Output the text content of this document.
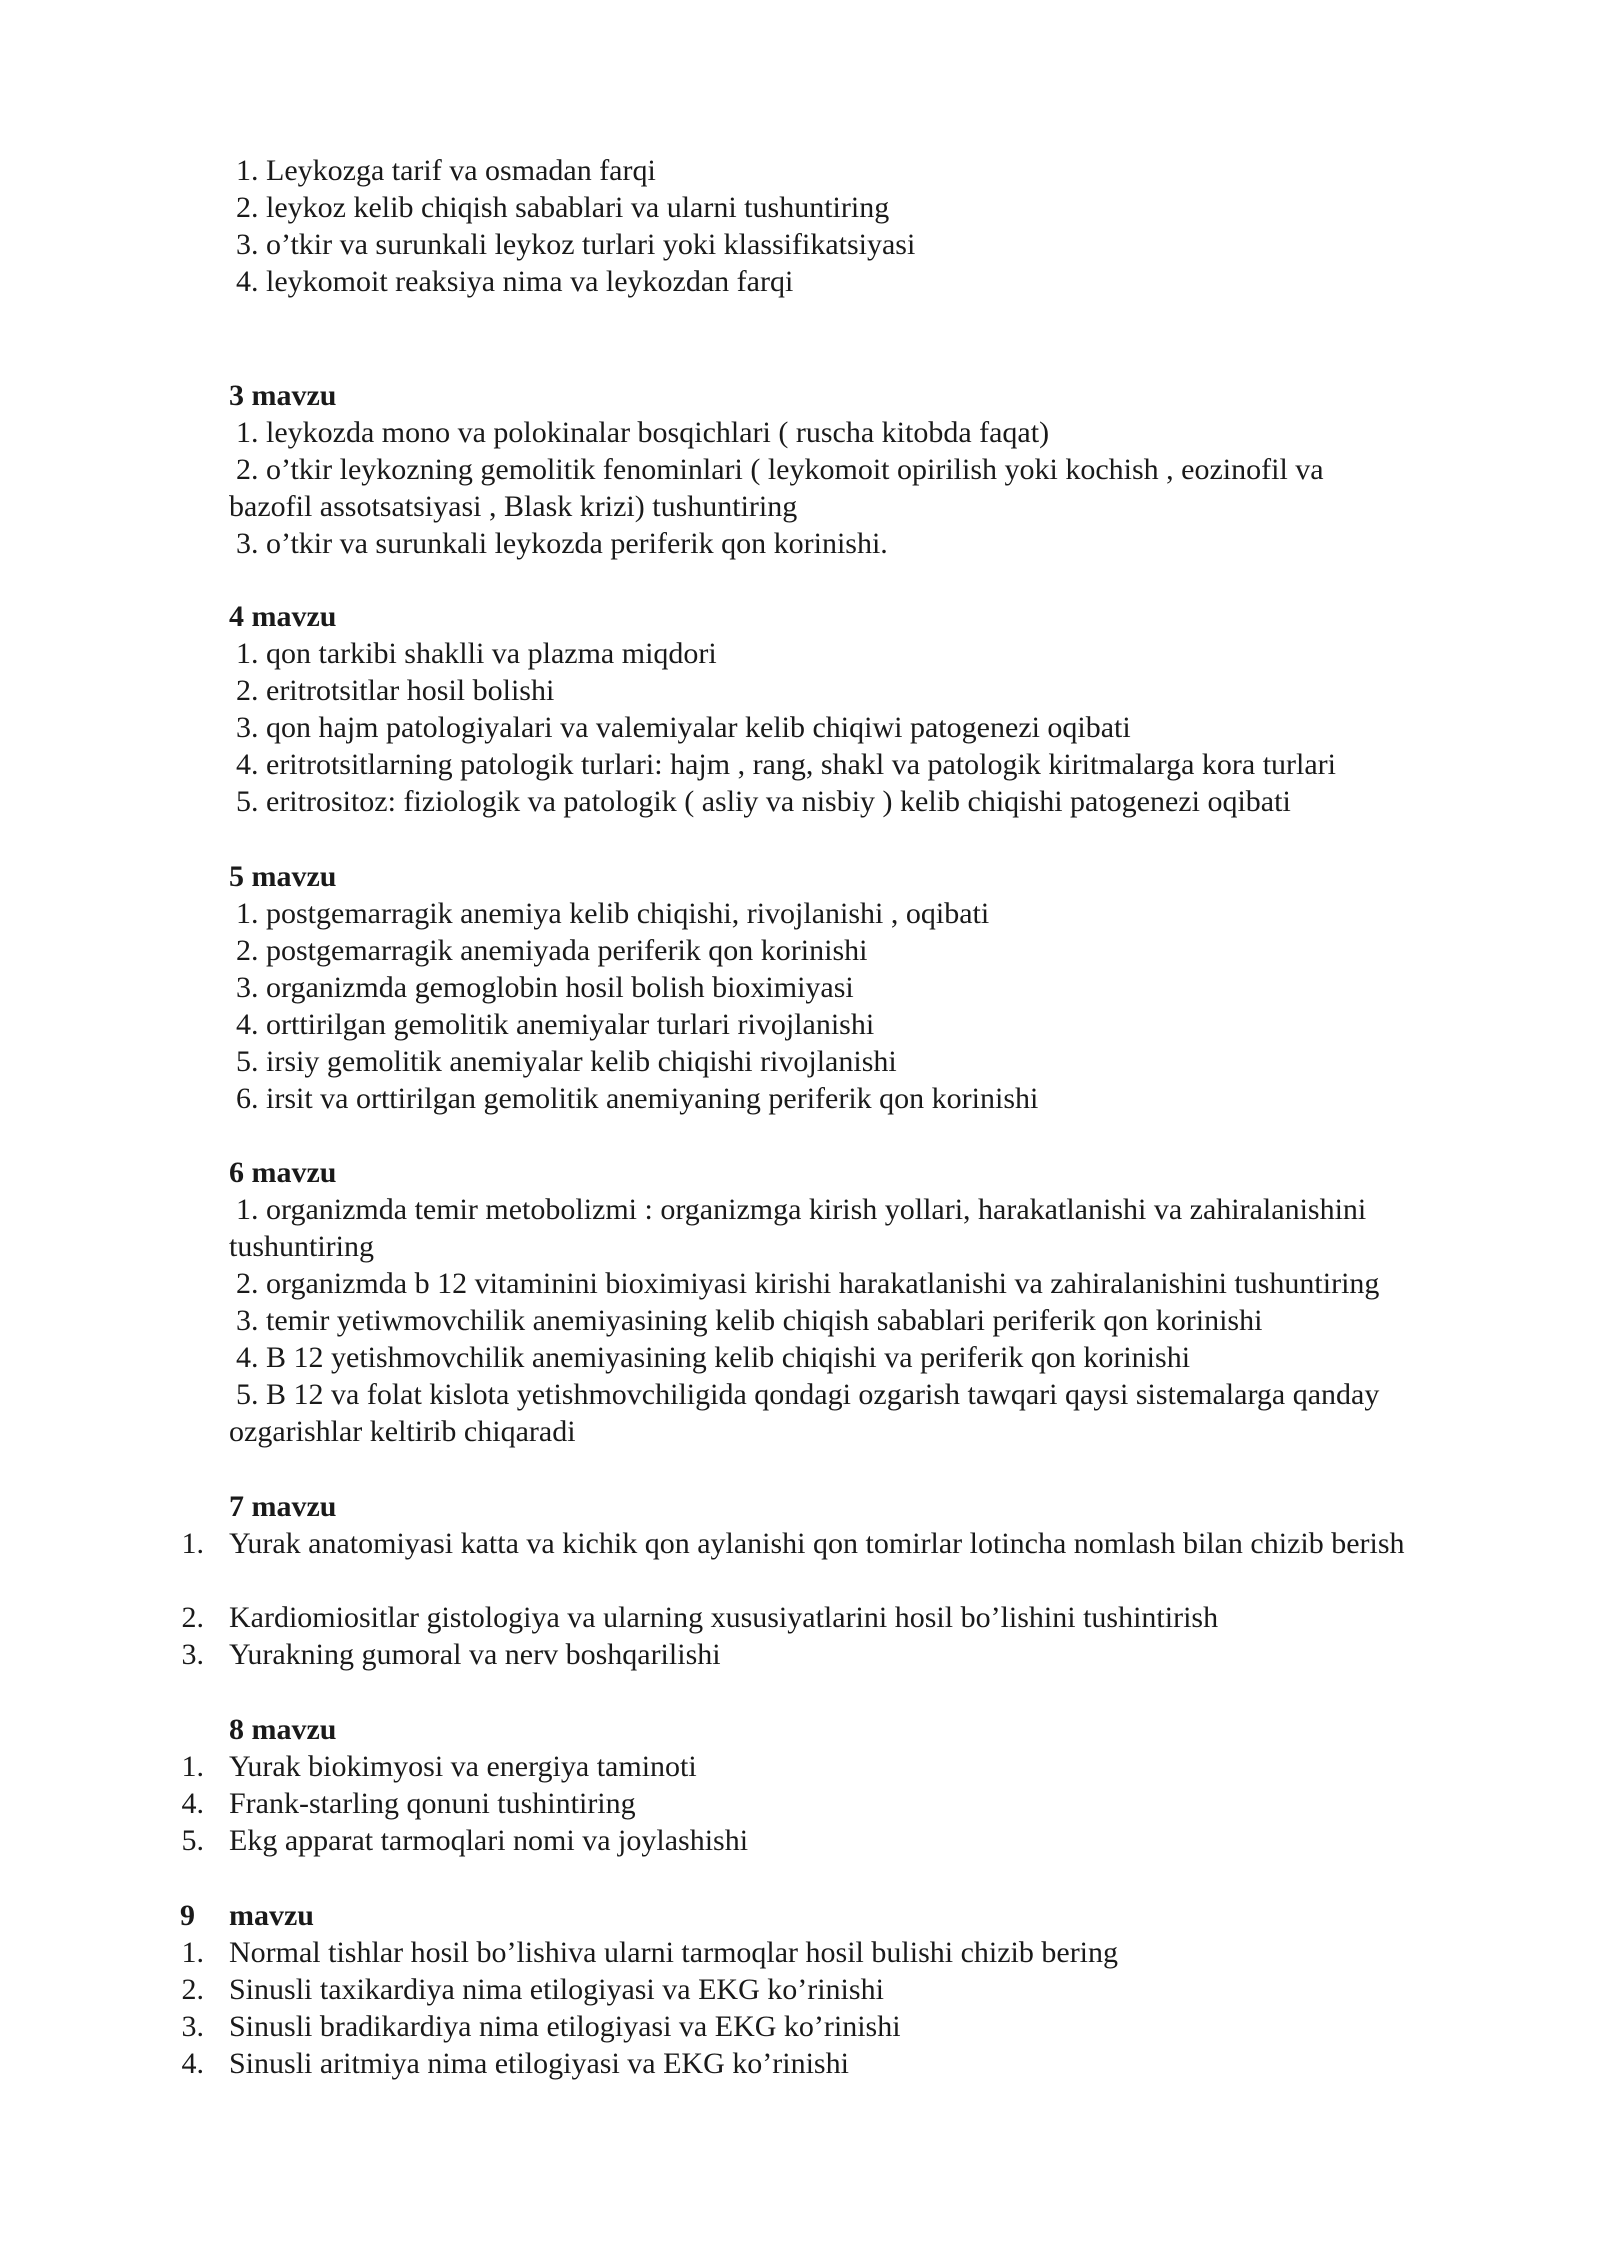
1. Leykozga tarif va osmadan farqi
2. leykoz kelib chiqish sabablari va ularni tushuntiring
3. o’tkir va surunkali leykoz turlari yoki klassifikatsiyasi
4. leykomoit reaksiya nima va leykozdan farqi
3 mavzu
1. leykozda mono va polokinalar bosqichlari ( ruscha kitobda faqat)
2. o’tkir leykozning gemolitik fenominlari ( leykomoit opirilish yoki kochish , eozinofil va
bazofil assotsatsiyasi , Blask krizi) tushuntiring
3. o’tkir va surunkali leykozda periferik qon korinishi.
4 mavzu
1. qon tarkibi shaklli va plazma miqdori
2. eritrotsitlar hosil bolishi
3. qon hajm patologiyalari va valemiyalar kelib chiqiwi patogenezi oqibati
4. eritrotsitlarning patologik turlari: hajm , rang, shakl va patologik kiritmalarga kora turlari
5. eritrositoz: fiziologik va patologik ( asliy va nisbiy ) kelib chiqishi patogenezi oqibati
5 mavzu
1. postgemarragik anemiya kelib chiqishi, rivojlanishi , oqibati
2. postgemarragik anemiyada periferik qon korinishi
3. organizmda gemoglobin hosil bolish bioximiyasi
4. orttirilgan gemolitik anemiyalar turlari rivojlanishi
5. irsiy gemolitik anemiyalar kelib chiqishi rivojlanishi
6. irsit va orttirilgan gemolitik anemiyaning periferik qon korinishi
6 mavzu
1. organizmda temir metobolizmi : organizmga kirish yollari, harakatlanishi va zahiralanishini
tushuntiring
2. organizmda b 12 vitaminini bioximiyasi kirishi harakatlanishi va zahiralanishini tushuntiring
3. temir yetiwmovchilik anemiyasining kelib chiqish sabablari periferik qon korinishi
4. B 12 yetishmovchilik anemiyasining kelib chiqishi va periferik qon korinishi
5. B 12 va folat kislota yetishmovchiligida qondagi ozgarish tawqari qaysi sistemalarga qanday
ozgarishlar keltirib chiqaradi
7 mavzu
1. Yurak anatomiyasi katta va kichik qon aylanishi qon tomirlar lotincha nomlash bilan chizib berish
2. Kardiomiositlar gistologiya va ularning xususiyatlarini hosil bo’lishini tushintirish
3. Yurakning gumoral va nerv boshqarilishi
8 mavzu
1. Yurak biokimyosi va energiya taminoti
4. Frank-starling qonuni tushintiring
5. Ekg apparat tarmoqlari nomi va joylashishi
9 mavzu
1. Normal tishlar hosil bo’lishiva ularni tarmoqlar hosil bulishi chizib bering
2. Sinusli taxikardiya nima etilogiyasi va EKG ko’rinishi
3. Sinusli bradikardiya nima etilogiyasi va EKG ko’rinishi
4. Sinusli aritmiya nima etilogiyasi va EKG ko’rinishi
